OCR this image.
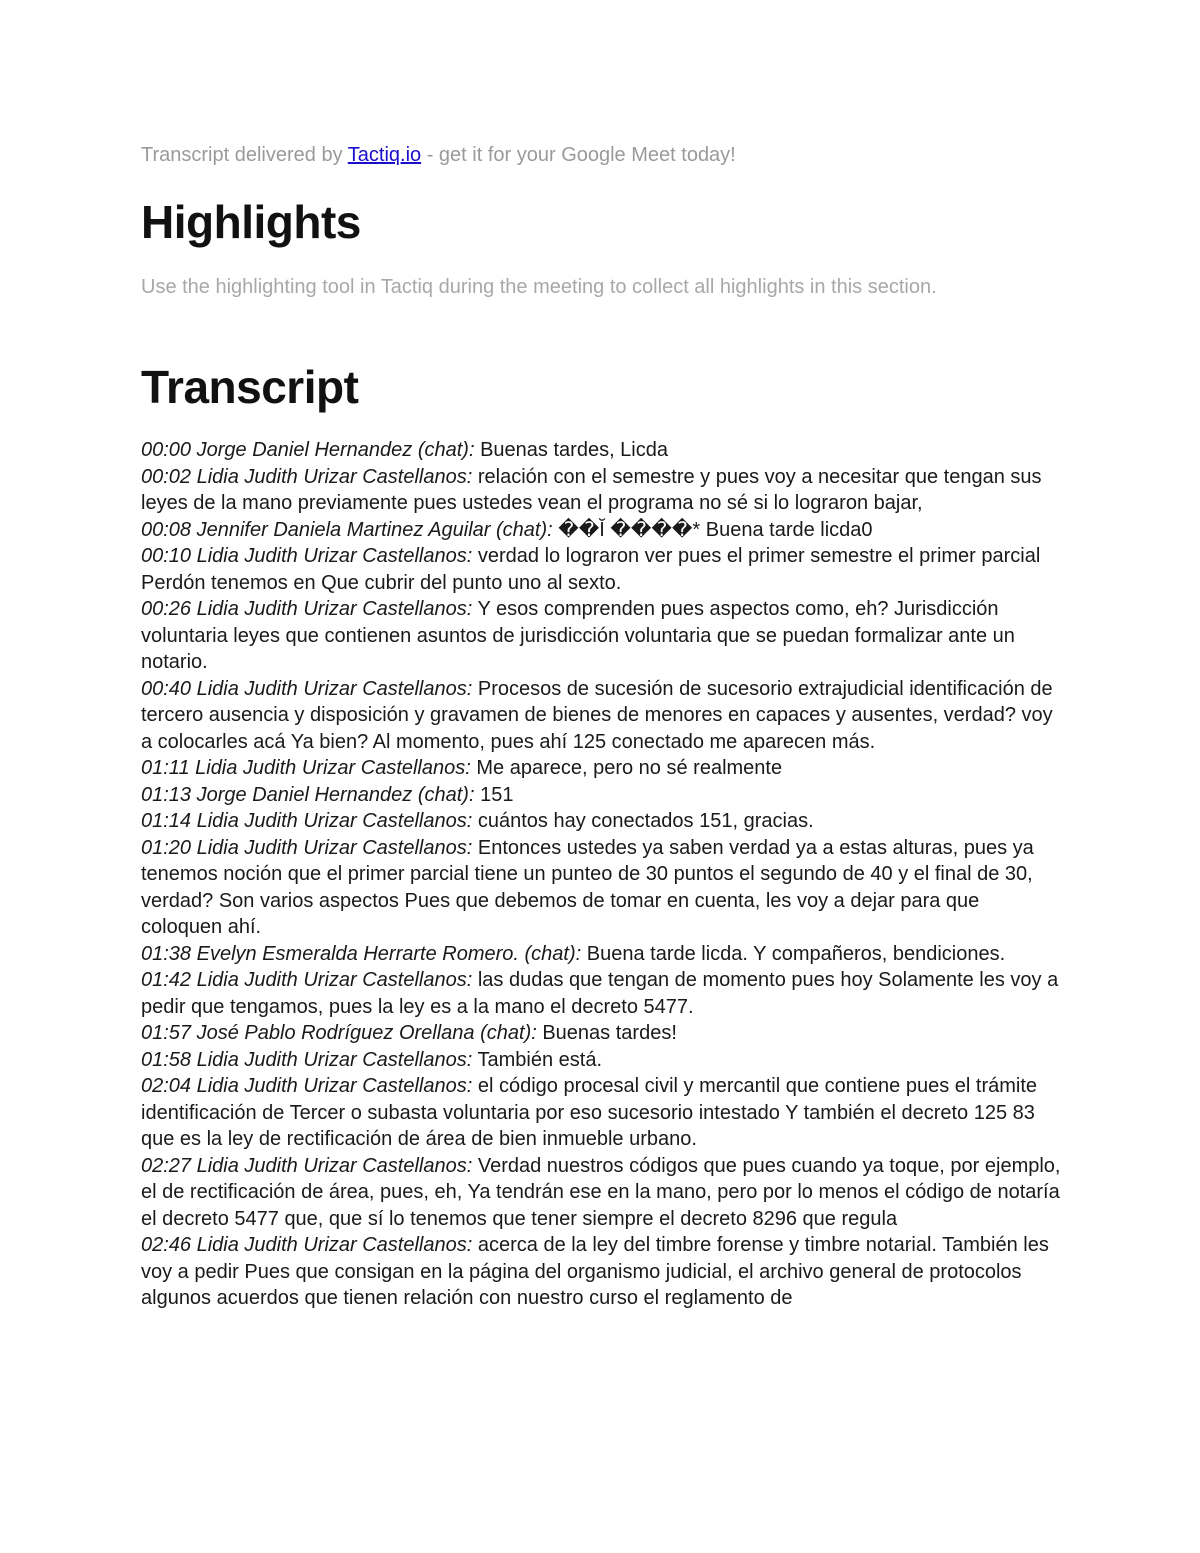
Transcript delivered by Tactiq.io - get it for your Google Meet today!

Highlights

Use the highlighting tool in Tactiq during the meeting to collect all highlights in this section.

Transcript

00:00 Jorge Daniel Hernandez (chat): Buenas tardes, Licda

00:02 Lidia Judith Urizar Castellanos: relación con el semestre y pues voy a necesitar que tengan sus leyes de la mano previamente pues ustedes vean el programa no sé si lo lograron bajar,

00:08 Jennifer Daniela Martinez Aguilar (chat): ��Ĭ ����* Buena tarde licda0

00:10 Lidia Judith Urizar Castellanos: verdad lo lograron ver pues el primer semestre el primer parcial Perdón tenemos en Que cubrir del punto uno al sexto.

00:26 Lidia Judith Urizar Castellanos: Y esos comprenden pues aspectos como, eh? Jurisdicción voluntaria leyes que contienen asuntos de jurisdicción voluntaria que se puedan formalizar ante un notario.

00:40 Lidia Judith Urizar Castellanos: Procesos de sucesión de sucesorio extrajudicial identificación de tercero ausencia y disposición y gravamen de bienes de menores en capaces y ausentes, verdad? voy a colocarles acá Ya bien? Al momento, pues ahí 125 conectado me aparecen más.

01:11 Lidia Judith Urizar Castellanos: Me aparece, pero no sé realmente

01:13 Jorge Daniel Hernandez (chat): 151

01:14 Lidia Judith Urizar Castellanos: cuántos hay conectados 151, gracias.

01:20 Lidia Judith Urizar Castellanos: Entonces ustedes ya saben verdad ya a estas alturas, pues ya tenemos noción que el primer parcial tiene un punteo de 30 puntos el segundo de 40 y el final de 30, verdad? Son varios aspectos Pues que debemos de tomar en cuenta, les voy a dejar para que coloquen ahí.

01:38 Evelyn Esmeralda Herrarte Romero. (chat): Buena tarde licda. Y compañeros, bendiciones.

01:42 Lidia Judith Urizar Castellanos: las dudas que tengan de momento pues hoy Solamente les voy a pedir que tengamos, pues la ley es a la mano el decreto 5477.

01:57 José Pablo Rodríguez Orellana (chat): Buenas tardes!

01:58 Lidia Judith Urizar Castellanos: También está.

02:04 Lidia Judith Urizar Castellanos: el código procesal civil y mercantil que contiene pues el trámite identificación de Tercer o subasta voluntaria por eso sucesorio intestado Y también el decreto 125 83 que es la ley de rectificación de área de bien inmueble urbano.

02:27 Lidia Judith Urizar Castellanos: Verdad nuestros códigos que pues cuando ya toque, por ejemplo, el de rectificación de área, pues, eh, Ya tendrán ese en la mano, pero por lo menos el código de notaría el decreto 5477 que, que sí lo tenemos que tener siempre el decreto 8296 que regula

02:46 Lidia Judith Urizar Castellanos: acerca de la ley del timbre forense y timbre notarial. También les voy a pedir Pues que consigan en la página del organismo judicial, el archivo general de protocolos algunos acuerdos que tienen relación con nuestro curso el reglamento de
